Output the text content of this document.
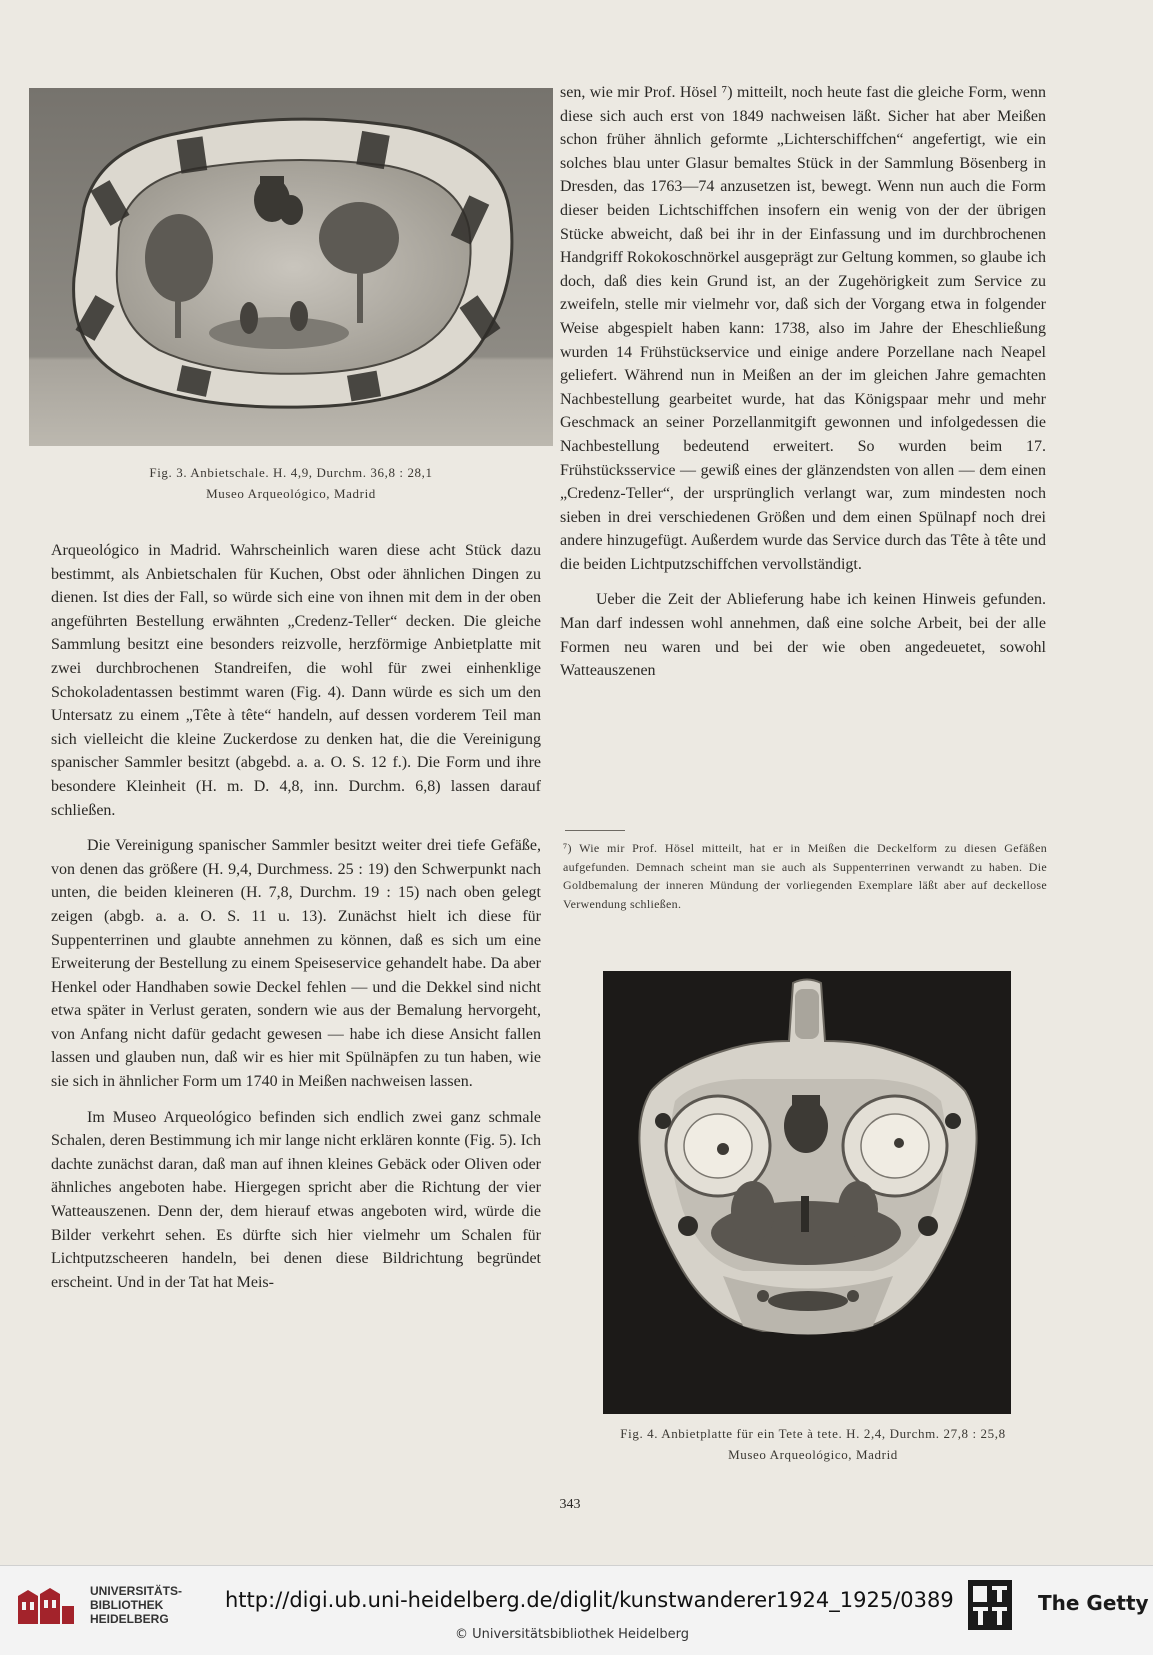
Fig. 3. Anbietschale. H. 4,9, Durchm. 36,8 : 28,1
Museo Arqueológico, Madrid

sen, wie mir Prof. Hösel ⁷) mitteilt, noch heute fast die gleiche Form, wenn diese sich auch erst von 1849 nachweisen läßt. Sicher hat aber Meißen schon früher ähnlich geformte „Lichterschiffchen“ angefertigt, wie ein solches blau unter Glasur bemaltes Stück in der Sammlung Bösenberg in Dresden, das 1763—74 anzusetzen ist, bewegt. Wenn nun auch die Form dieser beiden Lichtschiffchen insofern ein wenig von der der übrigen Stücke abweicht, daß bei ihr in der Einfassung und im durchbrochenen Handgriff Rokokoschnörkel ausgeprägt zur Geltung kommen, so glaube ich doch, daß dies kein Grund ist, an der Zugehörigkeit zum Service zu zweifeln, stelle mir vielmehr vor, daß sich der Vorgang etwa in folgender Weise abgespielt haben kann: 1738, also im Jahre der Eheschließung wurden 14 Frühstückservice und einige andere Porzellane nach Neapel geliefert. Während nun in Meißen an der im gleichen Jahre gemachten Nachbestellung gearbeitet wurde, hat das Königspaar mehr und mehr Geschmack an seiner Porzellanmitgift gewonnen und infolgedessen die Nachbestellung bedeutend erweitert. So wurden beim 17. Frühstücksservice — gewiß eines der glänzendsten von allen — dem einen „Credenz-Teller“, der ursprünglich verlangt war, zum mindesten noch sieben in drei verschiedenen Größen und dem einen Spülnapf noch drei andere hinzugefügt. Außerdem wurde das Service durch das Tête à tête und die beiden Lichtputzschiffchen vervollständigt.

Ueber die Zeit der Ablieferung habe ich keinen Hinweis gefunden. Man darf indessen wohl annehmen, daß eine solche Arbeit, bei der alle Formen neu waren und bei der wie oben angedeuetet, sowohl Watteauszenen

⁷) Wie mir Prof. Hösel mitteilt, hat er in Meißen die Deckelform zu diesen Gefäßen aufgefunden. Demnach scheint man sie auch als Suppenterrinen verwandt zu haben. Die Goldbemalung der inneren Mündung der vorliegenden Exemplare läßt aber auf deckellose Verwendung schließen.

Arqueológico in Madrid. Wahrscheinlich waren diese acht Stück dazu bestimmt, als Anbietschalen für Kuchen, Obst oder ähnlichen Dingen zu dienen. Ist dies der Fall, so würde sich eine von ihnen mit dem in der oben angeführten Bestellung erwähnten „Credenz-Teller“ decken. Die gleiche Sammlung besitzt eine besonders reizvolle, herzförmige Anbietplatte mit zwei durchbrochenen Standreifen, die wohl für zwei einhenklige Schokoladentassen bestimmt waren (Fig. 4). Dann würde es sich um den Untersatz zu einem „Tête à tête“ handeln, auf dessen vorderem Teil man sich vielleicht die kleine Zuckerdose zu denken hat, die die Vereinigung spanischer Sammler besitzt (abgebd. a. a. O. S. 12 f.). Die Form und ihre besondere Kleinheit (H. m. D. 4,8, inn. Durchm. 6,8) lassen darauf schließen.

Die Vereinigung spanischer Sammler besitzt weiter drei tiefe Gefäße, von denen das größere (H. 9,4, Durchmess. 25 : 19) den Schwerpunkt nach unten, die beiden kleineren (H. 7,8, Durchm. 19 : 15) nach oben gelegt zeigen (abgb. a. a. O. S. 11 u. 13). Zunächst hielt ich diese für Suppenterrinen und glaubte annehmen zu können, daß es sich um eine Erweiterung der Bestellung zu einem Speiseservice gehandelt habe. Da aber Henkel oder Handhaben sowie Deckel fehlen — und die Dekkel sind nicht etwa später in Verlust geraten, sondern wie aus der Bemalung hervorgeht, von Anfang nicht dafür gedacht gewesen — habe ich diese Ansicht fallen lassen und glauben nun, daß wir es hier mit Spülnäpfen zu tun haben, wie sie sich in ähnlicher Form um 1740 in Meißen nachweisen lassen.

Im Museo Arqueológico befinden sich endlich zwei ganz schmale Schalen, deren Bestimmung ich mir lange nicht erklären konnte (Fig. 5). Ich dachte zunächst daran, daß man auf ihnen kleines Gebäck oder Oliven oder ähnliches angeboten habe. Hiergegen spricht aber die Richtung der vier Watteauszenen. Denn der, dem hierauf etwas angeboten wird, würde die Bilder verkehrt sehen. Es dürfte sich hier vielmehr um Schalen für Lichtputzscheeren handeln, bei denen diese Bildrichtung begründet erscheint. Und in der Tat hat Meis-

Fig. 4. Anbietplatte für ein Tete à tete. H. 2,4, Durchm. 27,8 : 25,8
Museo Arqueológico, Madrid
343
UNIVERSITÄTS-
BIBLIOTHEK
HEIDELBERG
http://digi.ub.uni-heidelberg.de/diglit/kunstwanderer1924_1925/0389
© Universitätsbibliothek Heidelberg
The Getty
